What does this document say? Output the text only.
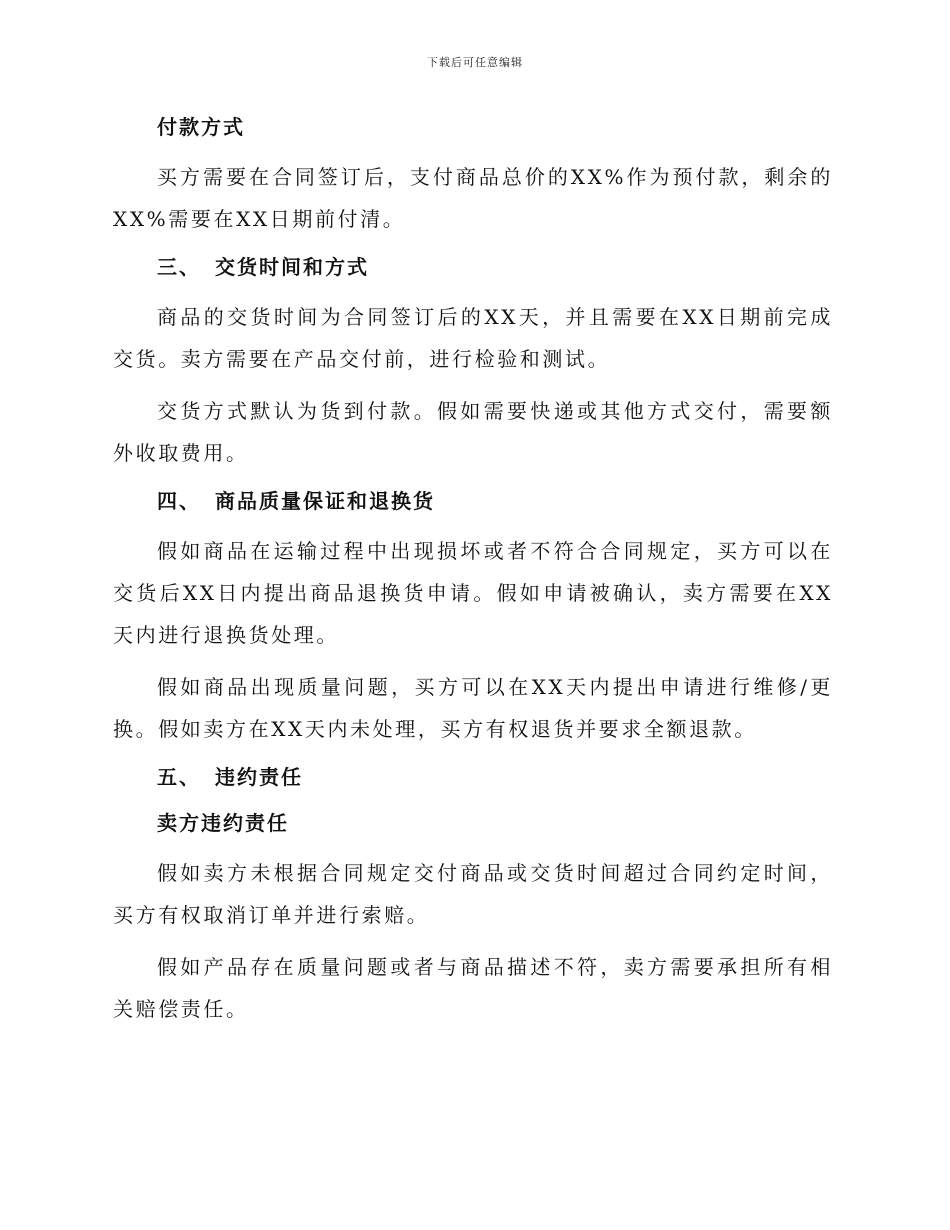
下载后可任意编辑
付款方式

买方需要在合同签订后，支付商品总价的XX%作为预付款，剩余的XX%需要在XX日期前付清。

三、 交货时间和方式

商品的交货时间为合同签订后的XX天，并且需要在XX日期前完成交货。卖方需要在产品交付前，进行检验和测试。

交货方式默认为货到付款。假如需要快递或其他方式交付，需要额外收取费用。

四、 商品质量保证和退换货

假如商品在运输过程中出现损坏或者不符合合同规定，买方可以在交货后XX日内提出商品退换货申请。假如申请被确认，卖方需要在XX天内进行退换货处理。

假如商品出现质量问题，买方可以在XX天内提出申请进行维修/更换。假如卖方在XX天内未处理，买方有权退货并要求全额退款。

五、 违约责任
卖方违约责任

假如卖方未根据合同规定交付商品或交货时间超过合同约定时间，买方有权取消订单并进行索赔。

假如产品存在质量问题或者与商品描述不符，卖方需要承担所有相关赔偿责任。
